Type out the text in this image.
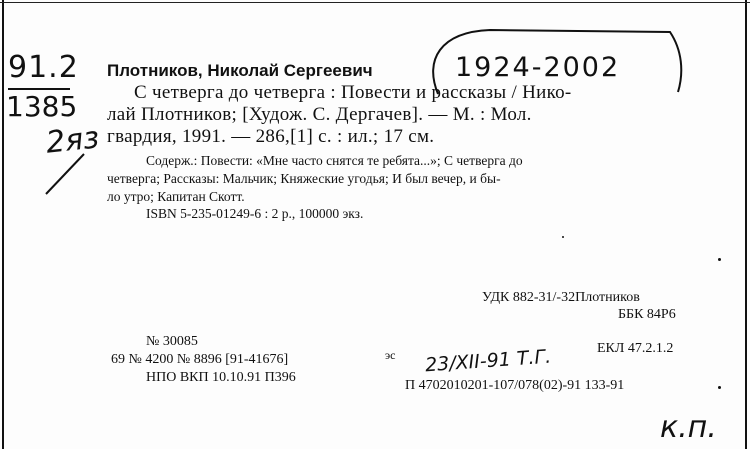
91.2
1385
2яз
1924-2002
Плотников, Николай Сергеевич
С четверга до четверга : Повести и рассказы / Нико-
лай Плотников; [Худож. С. Дергачев]. — М. : Мол.
гвардия, 1991. — 286,[1] с. : ил.; 17 см.
Содерж.: Повести: «Мне часто снятся те ребята...»; С четверга до
четверга; Рассказы: Мальчик; Княжеские угодья; И был вечер, и бы-
ло утро; Капитан Скотт.
ISBN 5-235-01249-6 : 2 р., 100000 экз.
УДК 882-31/-32Плотников
ББК 84Р6
№ 30085
69 № 4200 № 8896 [91-41676]
НПО ВКП 10.10.91 П396
эс	ЕКЛ 47.2.1.2
23/XII-91 Т.Г.
П 4702010201-107/078(02)-91 133-91
к.п.
